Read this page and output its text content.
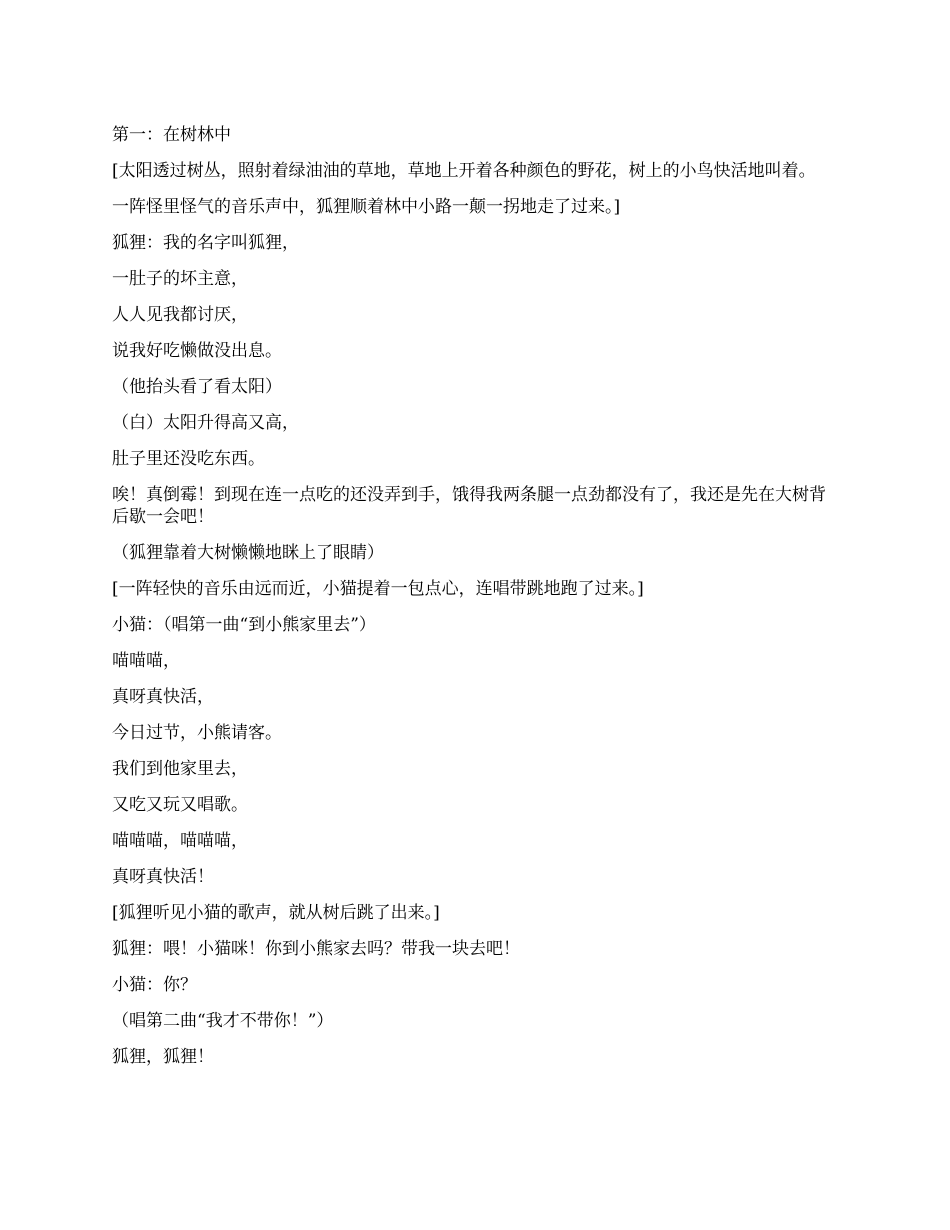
第一：在树林中

[太阳透过树丛，照射着绿油油的草地，草地上开着各种颜色的野花，树上的小鸟快活地叫着。

一阵怪里怪气的音乐声中，狐狸顺着林中小路一颠一拐地走了过来。]

狐狸：我的名字叫狐狸，

一肚子的坏主意，

人人见我都讨厌，

说我好吃懒做没出息。

（他抬头看了看太阳）

（白）太阳升得高又高，

肚子里还没吃东西。

唉！真倒霉！到现在连一点吃的还没弄到手，饿得我两条腿一点劲都没有了，我还是先在大树背后歇一会吧！

（狐狸靠着大树懒懒地眯上了眼睛）

[一阵轻快的音乐由远而近，小猫提着一包点心，连唱带跳地跑了过来。]

小猫：（唱第一曲“到小熊家里去”）

喵喵喵，

真呀真快活，

今日过节，小熊请客。

我们到他家里去，

又吃又玩又唱歌。

喵喵喵，喵喵喵，

真呀真快活！

[狐狸听见小猫的歌声，就从树后跳了出来。]

狐狸：喂！小猫咪！你到小熊家去吗？带我一块去吧！

小猫：你？

（唱第二曲“我才不带你！”）

狐狸，狐狸！
